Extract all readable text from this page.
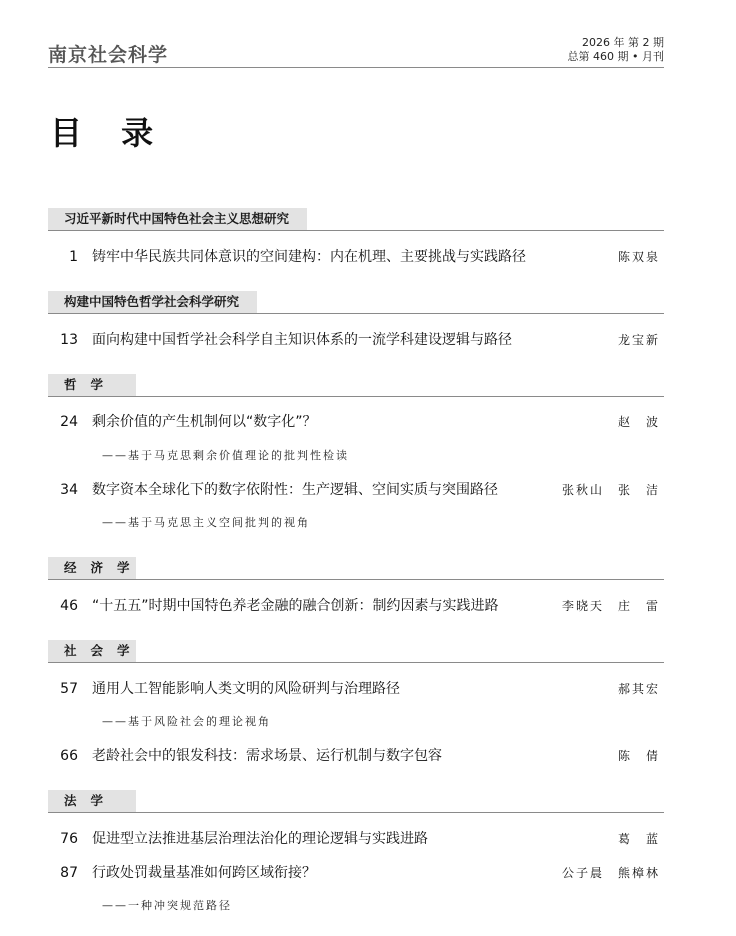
南京社会科学
2026 年 第 2 期
总第 460 期 • 月刊
目 录
习近平新时代中国特色社会主义思想研究
1 铸牢中华民族共同体意识的空间建构：内在机理、主要挑战与实践路径	陈双泉
构建中国特色哲学社会科学研究
13 面向构建中国哲学社会科学自主知识体系的一流学科建设逻辑与路径	龙宝新
哲学
24 剩余价值的产生机制何以“数字化”？	赵　波
——基于马克思剩余价值理论的批判性检读
34 数字资本全球化下的数字依附性：生产逻辑、空间实质与突围路径	张秋山　张　洁
——基于马克思主义空间批判的视角
经济学
46 “十五五”时期中国特色养老金融的融合创新：制约因素与实践进路	李晓天　庄　雷
社会学
57 通用人工智能影响人类文明的风险研判与治理路径	郝其宏
——基于风险社会的理论视角
66 老龄社会中的银发科技：需求场景、运行机制与数字包容	陈　倩
法学
76 促进型立法推进基层治理法治化的理论逻辑与实践进路	葛　蓝
87 行政处罚裁量基准如何跨区域衔接？	公子晨　熊樟林
——一种冲突规范路径
